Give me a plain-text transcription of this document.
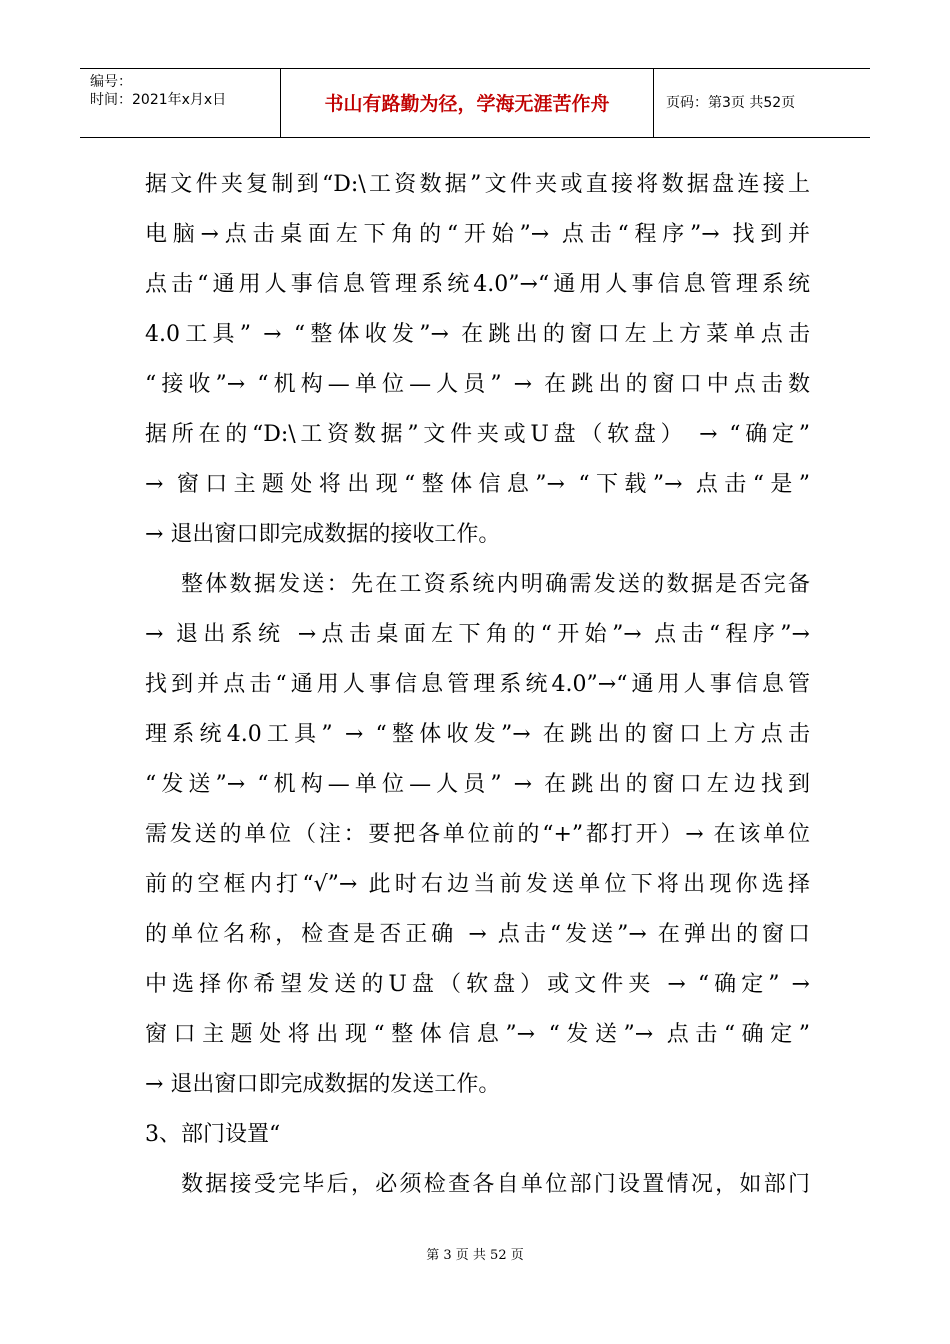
编号：
时间：2021年x月x日	书山有路勤为径，学海无涯苦作舟	页码：第3页 共52页
据文件夹复制到“D:\工资数据”文件夹或直接将数据盘连接上
电脑→点击桌面左下角的“开始”→ 点击“程序”→ 找到并
点击“通用人事信息管理系统4.0”→“通用人事信息管理系统
4.0工具” → “整体收发”→ 在跳出的窗口左上方菜单点击
“接收”→ “机构—单位—人员” → 在跳出的窗口中点击数
据所在的“D:\工资数据”文件夹或U盘（软盘） → “确定”
→ 窗口主题处将出现“整体信息”→ “下载”→ 点击“是”
→ 退出窗口即完成数据的接收工作。
整体数据发送：先在工资系统内明确需发送的数据是否完备
→ 退出系统 →点击桌面左下角的“开始”→ 点击“程序”→
找到并点击“通用人事信息管理系统4.0”→“通用人事信息管
理系统4.0工具” → “整体收发”→ 在跳出的窗口上方点击
“发送”→ “机构—单位—人员” → 在跳出的窗口左边找到
需发送的单位（注：要把各单位前的“+”都打开）→ 在该单位
前的空框内打“√”→ 此时右边当前发送单位下将出现你选择
的单位名称，检查是否正确 → 点击“发送”→ 在弹出的窗口
中选择你希望发送的U盘（软盘）或文件夹 → “确定” →
窗口主题处将出现“整体信息”→ “发送”→ 点击“确定”
→ 退出窗口即完成数据的发送工作。
3、部门设置“
数据接受完毕后，必须检查各自单位部门设置情况，如部门
第 3 页 共 52 页
